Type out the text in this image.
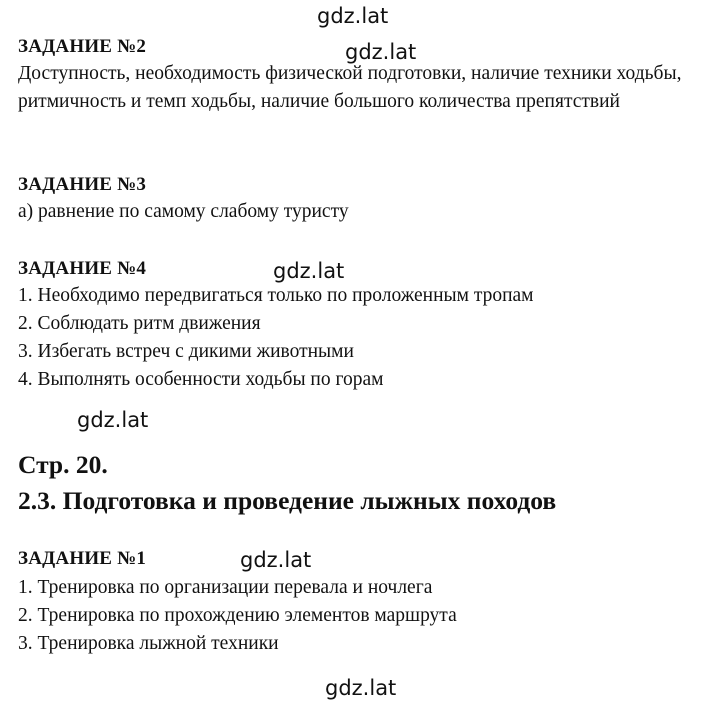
gdz.lat
gdz.lat
gdz.lat
gdz.lat
gdz.lat
gdz.lat
ЗАДАНИЕ №2
Доступность, необходимость физической подготовки, наличие техники ходьбы, ритмичность и темп ходьбы, наличие большого количества препятствий
ЗАДАНИЕ №3
а) равнение по самому слабому туристу
ЗАДАНИЕ №4
1. Необходимо передвигаться только по проложенным тропам
2. Соблюдать ритм движения
3. Избегать встреч с дикими животными
4. Выполнять особенности ходьбы по горам
Стр. 20.
2.3. Подготовка и проведение лыжных походов
ЗАДАНИЕ №1
1. Тренировка по организации перевала и ночлега
2. Тренировка по прохождению элементов маршрута
3. Тренировка лыжной техники
